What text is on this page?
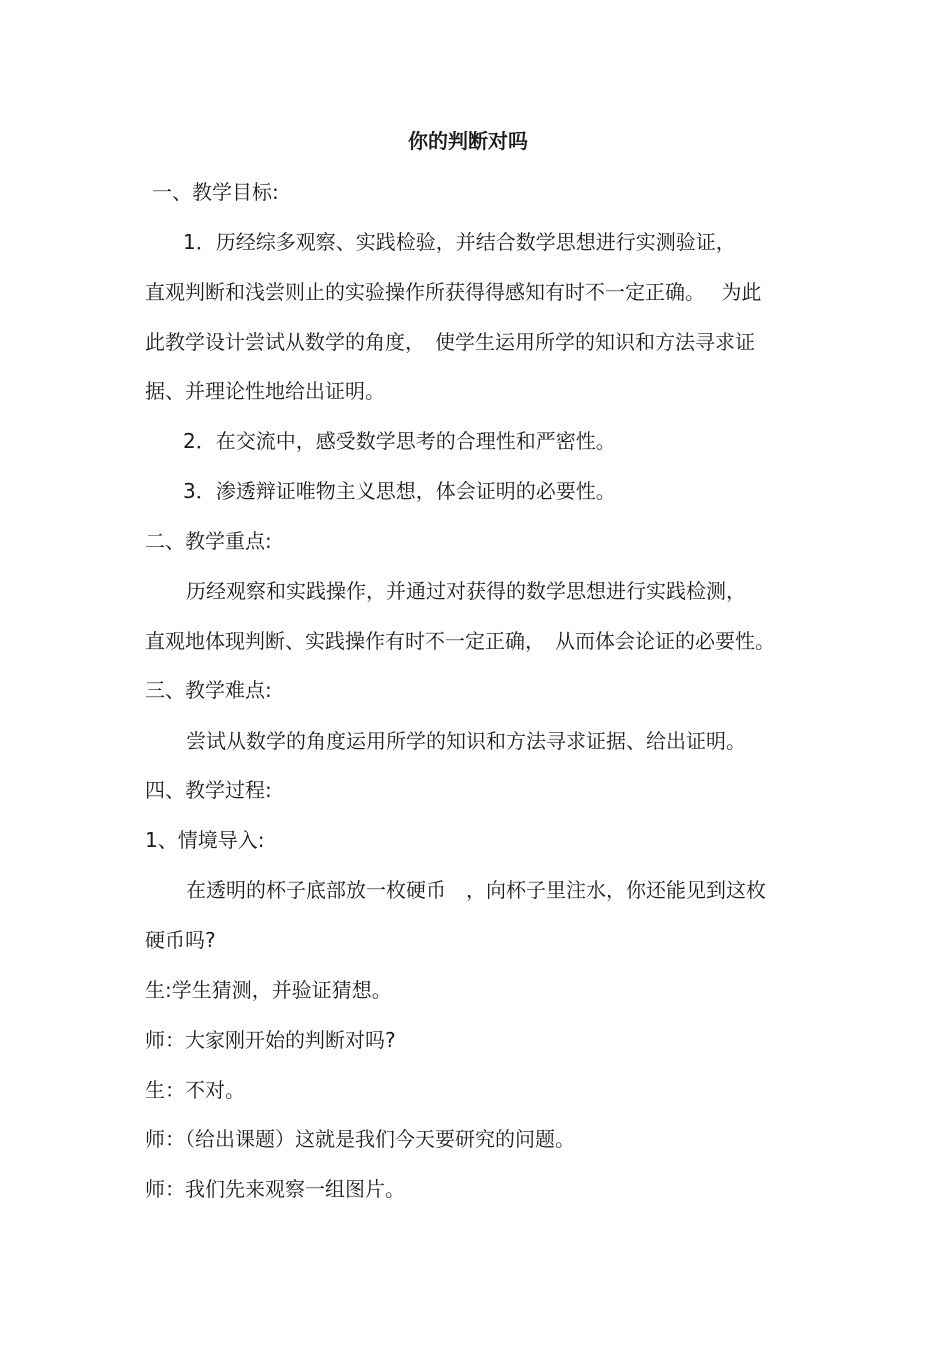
你的判断对吗

一、教学目标:

1．历经综多观察、实践检验，并结合数学思想进行实测验证，

直观判断和浅尝则止的实验操作所获得得感知有时不一定正确。　 为此

此教学设计尝试从数学的角度，　使学生运用所学的知识和方法寻求证

据、并理论性地给出证明。

2．在交流中，感受数学思考的合理性和严密性。

3．渗透辩证唯物主义思想，体会证明的必要性。

二、教学重点:

历经观察和实践操作，并通过对获得的数学思想进行实践检测，

直观地体现判断、实践操作有时不一定正确，　从而体会论证的必要性。

三、教学难点:

尝试从数学的角度运用所学的知识和方法寻求证据、给出证明。

四、教学过程:

1、情境导入:

在透明的杯子底部放一枚硬币　，向杯子里注水，你还能见到这枚

硬币吗?

生:学生猜测，并验证猜想。

师：大家刚开始的判断对吗?

生：不对。

师：（给出课题）这就是我们今天要研究的问题。

师：我们先来观察一组图片。
